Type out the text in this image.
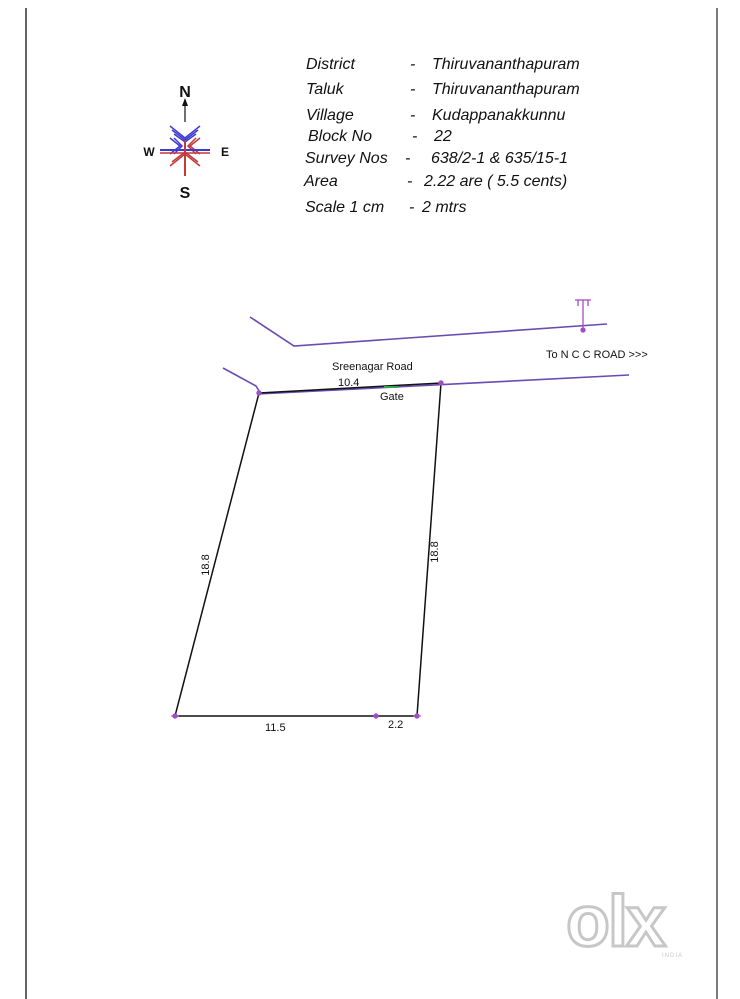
District	- Thiruvananthapuram
Taluk	- Thiruvananthapuram
Village	- Kudappanakkunnu
Block No - 22
Survey Nos - 638/2-1 & 635/15-1
Area	- 2.22 are ( 5.5 cents)
Scale 1 cm - 2 mtrs
N
S
W	E
Sreenagar Road
To N C C ROAD >>>
Gate
10.4
18.8
18.8
11.5	2.2
olx
INDIA
